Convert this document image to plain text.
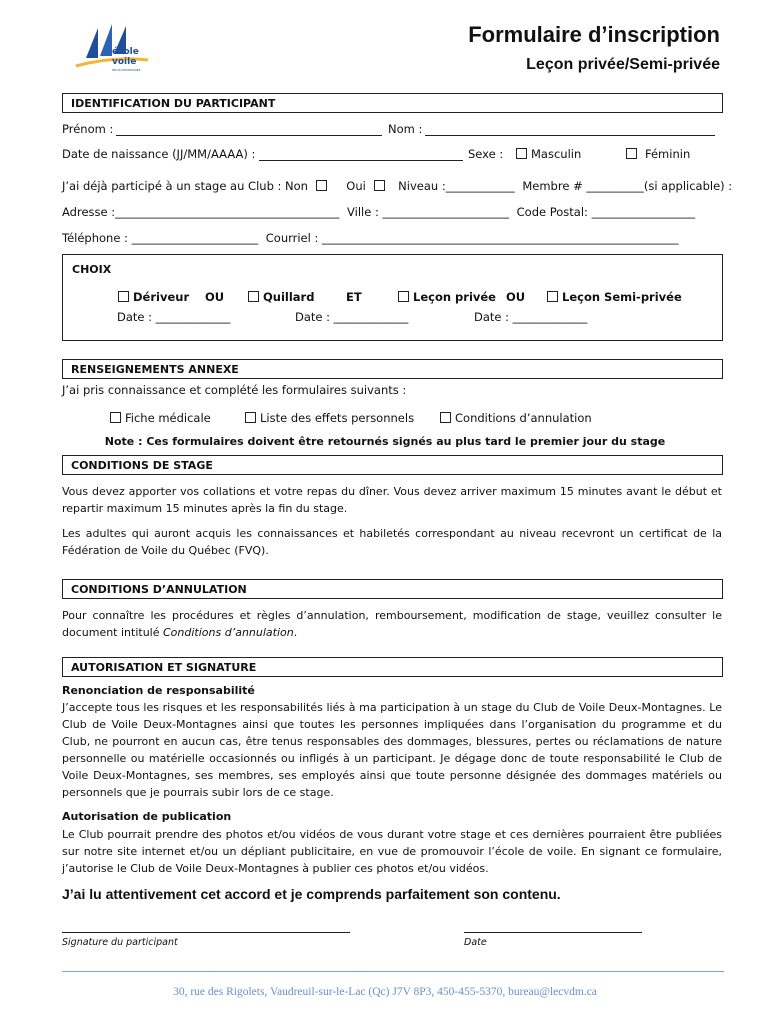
école
voile
DEUX-MONTAGNES
Formulaire d’inscription
Leçon privée/Semi-privée
IDENTIFICATION DU PARTICIPANT
Prénom :	Nom :
Date de naissance (JJ/MM/AAAA) :	Sexe :	Masculin	Féminin
J’ai déjà participé à un stage au Club : Non	Oui	Niveau :____________ Membre # __________(si applicable) :
Adresse :_______________________________________ Ville : ______________________ Code Postal: __________________
Téléphone : ______________________ Courriel : ______________________________________________________________
CHOIX
Dériveur OU	Quillard	ET	Leçon privée OU	Leçon Semi-privée
Date : _____________	Date : _____________	Date : _____________
RENSEIGNEMENTS ANNEXE
J’ai pris connaissance et complété les formulaires suivants :
Fiche médicale	Liste des effets personnels	Conditions d’annulation
Note : Ces formulaires doivent être retournés signés au plus tard le premier jour du stage
CONDITIONS DE STAGE
Vous devez apporter vos collations et votre repas du dîner. Vous devez arriver maximum 15 minutes avant le début et repartir maximum 15 minutes après la fin du stage.
Les adultes qui auront acquis les connaissances et habiletés correspondant au niveau recevront un certificat de la Fédération de Voile du Québec (FVQ).
CONDITIONS D’ANNULATION
Pour connaître les procédures et règles d’annulation, remboursement, modification de stage, veuillez consulter le document intitulé Conditions d’annulation.
AUTORISATION ET SIGNATURE
Renonciation de responsabilité
J’accepte tous les risques et les responsabilités liés à ma participation à un stage du Club de Voile Deux-Montagnes. Le Club de Voile Deux-Montagnes ainsi que toutes les personnes impliquées dans l’organisation du programme et du Club, ne pourront en aucun cas, être tenus responsables des dommages, blessures, pertes ou réclamations de nature personnelle ou matérielle occasionnés ou infligés à un participant. Je dégage donc de toute responsabilité le Club de Voile Deux-Montagnes, ses membres, ses employés ainsi que toute personne désignée des dommages matériels ou personnels que je pourrais subir lors de ce stage.
Autorisation de publication
Le Club pourrait prendre des photos et/ou vidéos de vous durant votre stage et ces dernières pourraient être publiées sur notre site internet et/ou un dépliant publicitaire, en vue de promouvoir l’école de voile. En signant ce formulaire, j’autorise le Club de Voile Deux-Montagnes à publier ces photos et/ou vidéos.
J’ai lu attentivement cet accord et je comprends parfaitement son contenu.
Signature du participant	Date
30, rue des Rigolets, Vaudreuil-sur-le-Lac (Qc) J7V 8P3, 450-455-5370, bureau@lecvdm.ca
